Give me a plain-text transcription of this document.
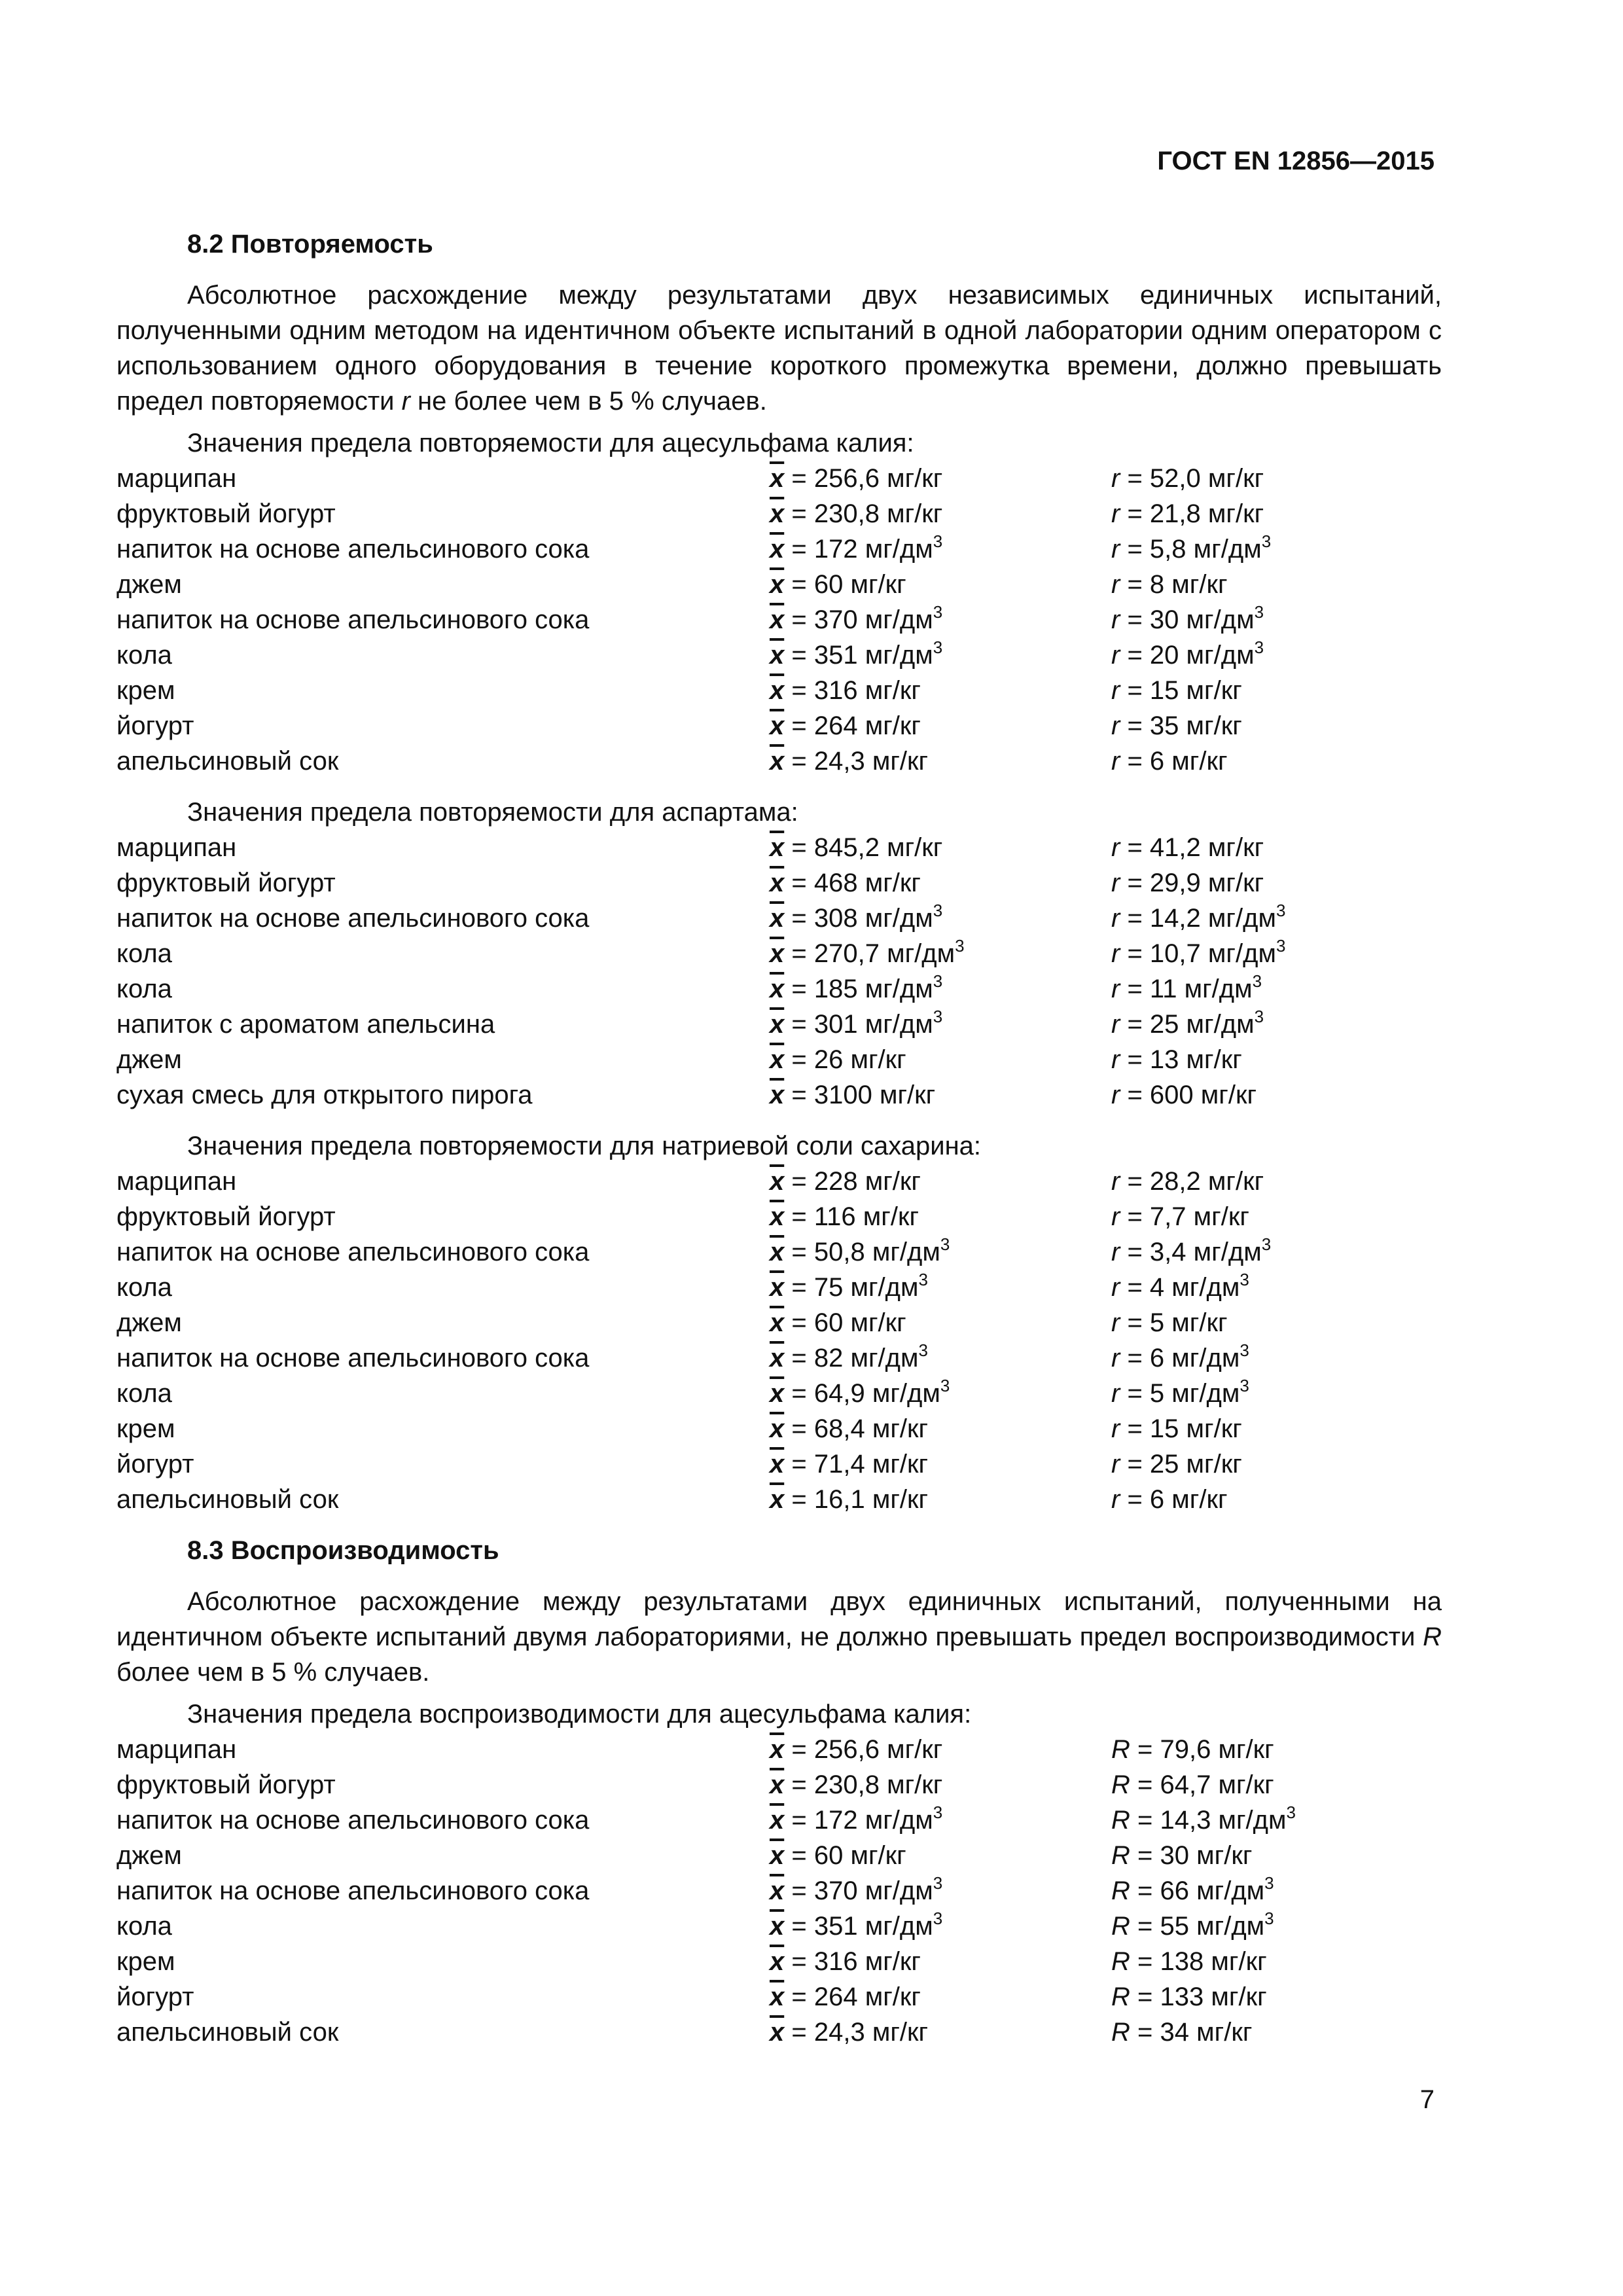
ГОСТ EN 12856—2015
8.2 Повторяемость
Абсолютное расхождение между результатами двух независимых единичных испытаний, полученными одним методом на идентичном объекте испытаний в одной лаборатории одним оператором с использованием одного оборудования в течение короткого промежутка времени, должно превышать предел повторяемости r не более чем в 5 % случаев.
Значения предела повторяемости для ацесульфама калия:
марципан	$\overline{x} = 256,6$ мг/кг	r = 52,0 мг/кг
фруктовый йогурт	$\overline{x} = 230,8$ мг/кг	r = 21,8 мг/кг
напиток на основе апельсинового сока	$\overline{x} = 172$ $мг/дм^3$	r = 5,8 $мг/дм^3$
джем	$\overline{x} = 60$ мг/кг	r = 8 мг/кг
напиток на основе апельсинового сока	$\overline{x} = 370$ $мг/дм^3$	r = 30 $мг/дм^3$
кола	$\overline{x} = 351$ $мг/дм^3$	r = 20 $мг/дм^3$
крем	$\overline{x} = 316$ мг/кг	r = 15 мг/кг
йогурт	$\overline{x} = 264$ мг/кг	r = 35 мг/кг
апельсиновый сок	$\overline{x} = 24,3$ мг/кг	r = 6 мг/кг
Значения предела повторяемости для аспартама:
марципан	$\overline{x} = 845,2$ мг/кг	r = 41,2 мг/кг
фруктовый йогурт	$\overline{x} = 468$ мг/кг	r = 29,9 мг/кг
напиток на основе апельсинового сока	$\overline{x} = 308$ $мг/дм^3$	r = 14,2 $мг/дм^3$
кола	$\overline{x} = 270,7$ $мг/дм^3$	r = 10,7 $мг/дм^3$
кола	$\overline{x} = 185$ $мг/дм^3$	r = 11 $мг/дм^3$
напиток с ароматом апельсина	$\overline{x} = 301$ $мг/дм^3$	r = 25 $мг/дм^3$
джем	$\overline{x} = 26$ мг/кг	r = 13 мг/кг
сухая смесь для открытого пирога	$\overline{x} = 3100$ мг/кг	r = 600 мг/кг
Значения предела повторяемости для натриевой соли сахарина:
марципан	$\overline{x} = 228$ мг/кг	r = 28,2 мг/кг
фруктовый йогурт	$\overline{x} = 116$ мг/кг	r = 7,7 мг/кг
напиток на основе апельсинового сока	$\overline{x} = 50,8$ $мг/дм^3$	r = 3,4 $мг/дм^3$
кола	$\overline{x} = 75$ $мг/дм^3$	r = 4 $мг/дм^3$
джем	$\overline{x} = 60$ мг/кг	r = 5 мг/кг
напиток на основе апельсинового сока	$\overline{x} = 82$ $мг/дм^3$	r = 6 $мг/дм^3$
кола	$\overline{x} = 64,9$ $мг/дм^3$	r = 5 $мг/дм^3$
крем	$\overline{x} = 68,4$ мг/кг	r = 15 мг/кг
йогурт	$\overline{x} = 71,4$ мг/кг	r = 25 мг/кг
апельсиновый сок	$\overline{x} = 16,1$ мг/кг	r = 6 мг/кг
8.3 Воспроизводимость
Абсолютное расхождение между результатами двух единичных испытаний, полученными на идентичном объекте испытаний двумя лабораториями, не должно превышать предел воспроизводимости R более чем в 5 % случаев.
Значения предела воспроизводимости для ацесульфама калия:
марципан	$\overline{x} = 256,6$ мг/кг	R = 79,6 мг/кг
фруктовый йогурт	$\overline{x} = 230,8$ мг/кг	R = 64,7 мг/кг
напиток на основе апельсинового сока	$\overline{x} = 172$ $мг/дм^3$	R = 14,3 $мг/дм^3$
джем	$\overline{x} = 60$ мг/кг	R = 30 мг/кг
напиток на основе апельсинового сока	$\overline{x} = 370$ $мг/дм^3$	R = 66 $мг/дм^3$
кола	$\overline{x} = 351$ $мг/дм^3$	R = 55 $мг/дм^3$
крем	$\overline{x} = 316$ мг/кг	R = 138 мг/кг
йогурт	$\overline{x} = 264$ мг/кг	R = 133 мг/кг
апельсиновый сок	$\overline{x} = 24,3$ мг/кг	R = 34 мг/кг
7
